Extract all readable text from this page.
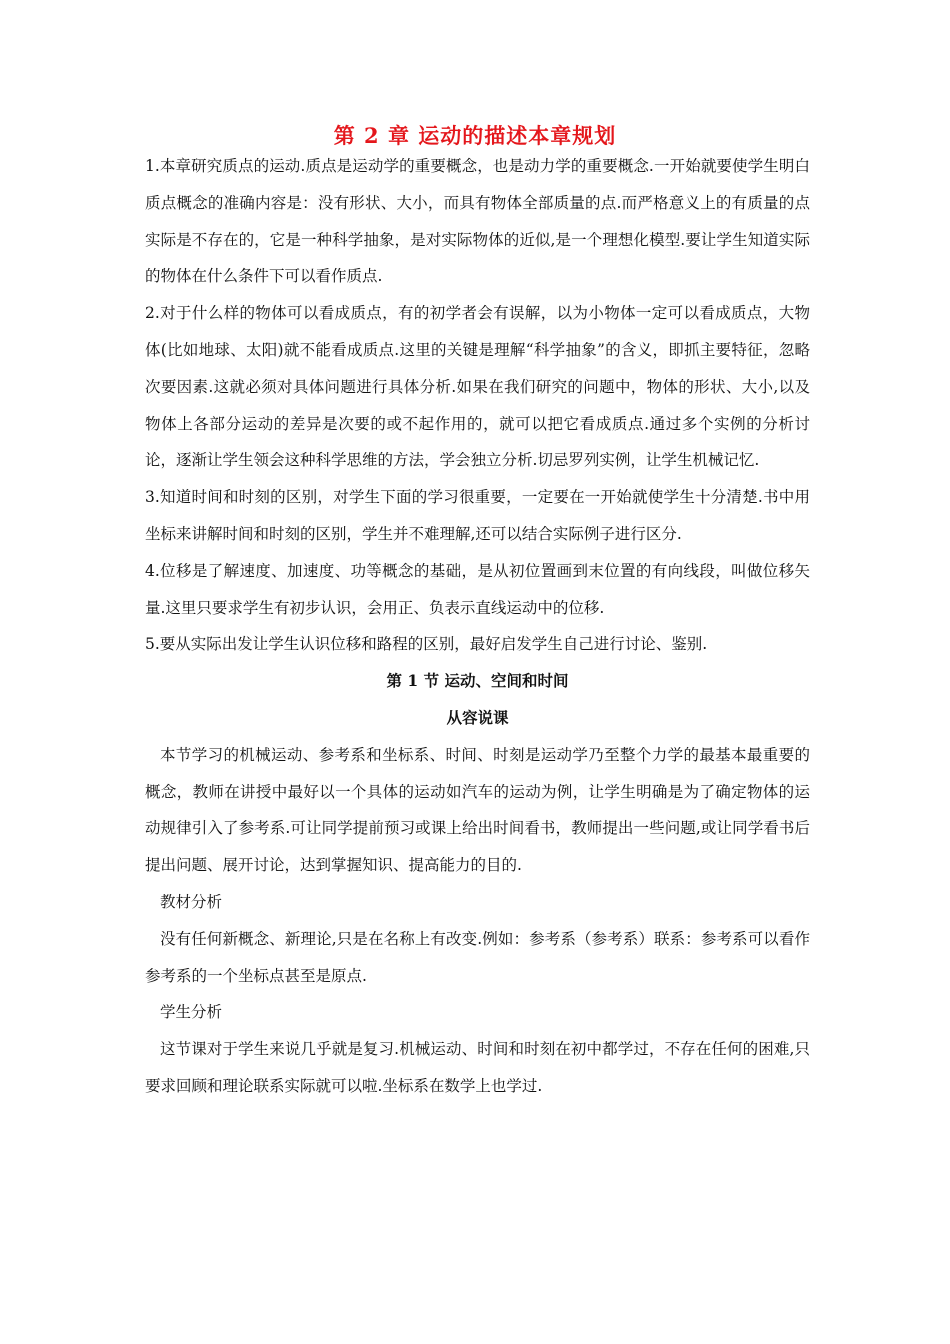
第 2 章 运动的描述本章规划

1.本章研究质点的运动.质点是运动学的重要概念，也是动力学的重要概念.一开始就要使学生明白质点概念的准确内容是：没有形状、大小，而具有物体全部质量的点.而严格意义上的有质量的点实际是不存在的，它是一种科学抽象，是对实际物体的近似,是一个理想化模型.要让学生知道实际的物体在什么条件下可以看作质点.

2.对于什么样的物体可以看成质点，有的初学者会有误解，以为小物体一定可以看成质点，大物体(比如地球、太阳)就不能看成质点.这里的关键是理解“科学抽象”的含义，即抓主要特征，忽略次要因素.这就必须对具体问题进行具体分析.如果在我们研究的问题中，物体的形状、大小,以及物体上各部分运动的差异是次要的或不起作用的，就可以把它看成质点.通过多个实例的分析讨论，逐渐让学生领会这种科学思维的方法，学会独立分析.切忌罗列实例，让学生机械记忆.

3.知道时间和时刻的区别，对学生下面的学习很重要，一定要在一开始就使学生十分清楚.书中用坐标来讲解时间和时刻的区别，学生并不难理解,还可以结合实际例子进行区分.

4.位移是了解速度、加速度、功等概念的基础，是从初位置画到末位置的有向线段，叫做位移矢量.这里只要求学生有初步认识，会用正、负表示直线运动中的位移.

5.要从实际出发让学生认识位移和路程的区别，最好启发学生自己进行讨论、鉴别.

第 1 节 运动、空间和时间

从容说课

本节学习的机械运动、参考系和坐标系、时间、时刻是运动学乃至整个力学的最基本最重要的概念，教师在讲授中最好以一个具体的运动如汽车的运动为例，让学生明确是为了确定物体的运动规律引入了参考系.可让同学提前预习或课上给出时间看书，教师提出一些问题,或让同学看书后提出问题、展开讨论，达到掌握知识、提高能力的目的.

教材分析

没有任何新概念、新理论,只是在名称上有改变.例如：参考系（参考系）联系：参考系可以看作参考系的一个坐标点甚至是原点.

学生分析

这节课对于学生来说几乎就是复习.机械运动、时间和时刻在初中都学过，不存在任何的困难,只要求回顾和理论联系实际就可以啦.坐标系在数学上也学过.
